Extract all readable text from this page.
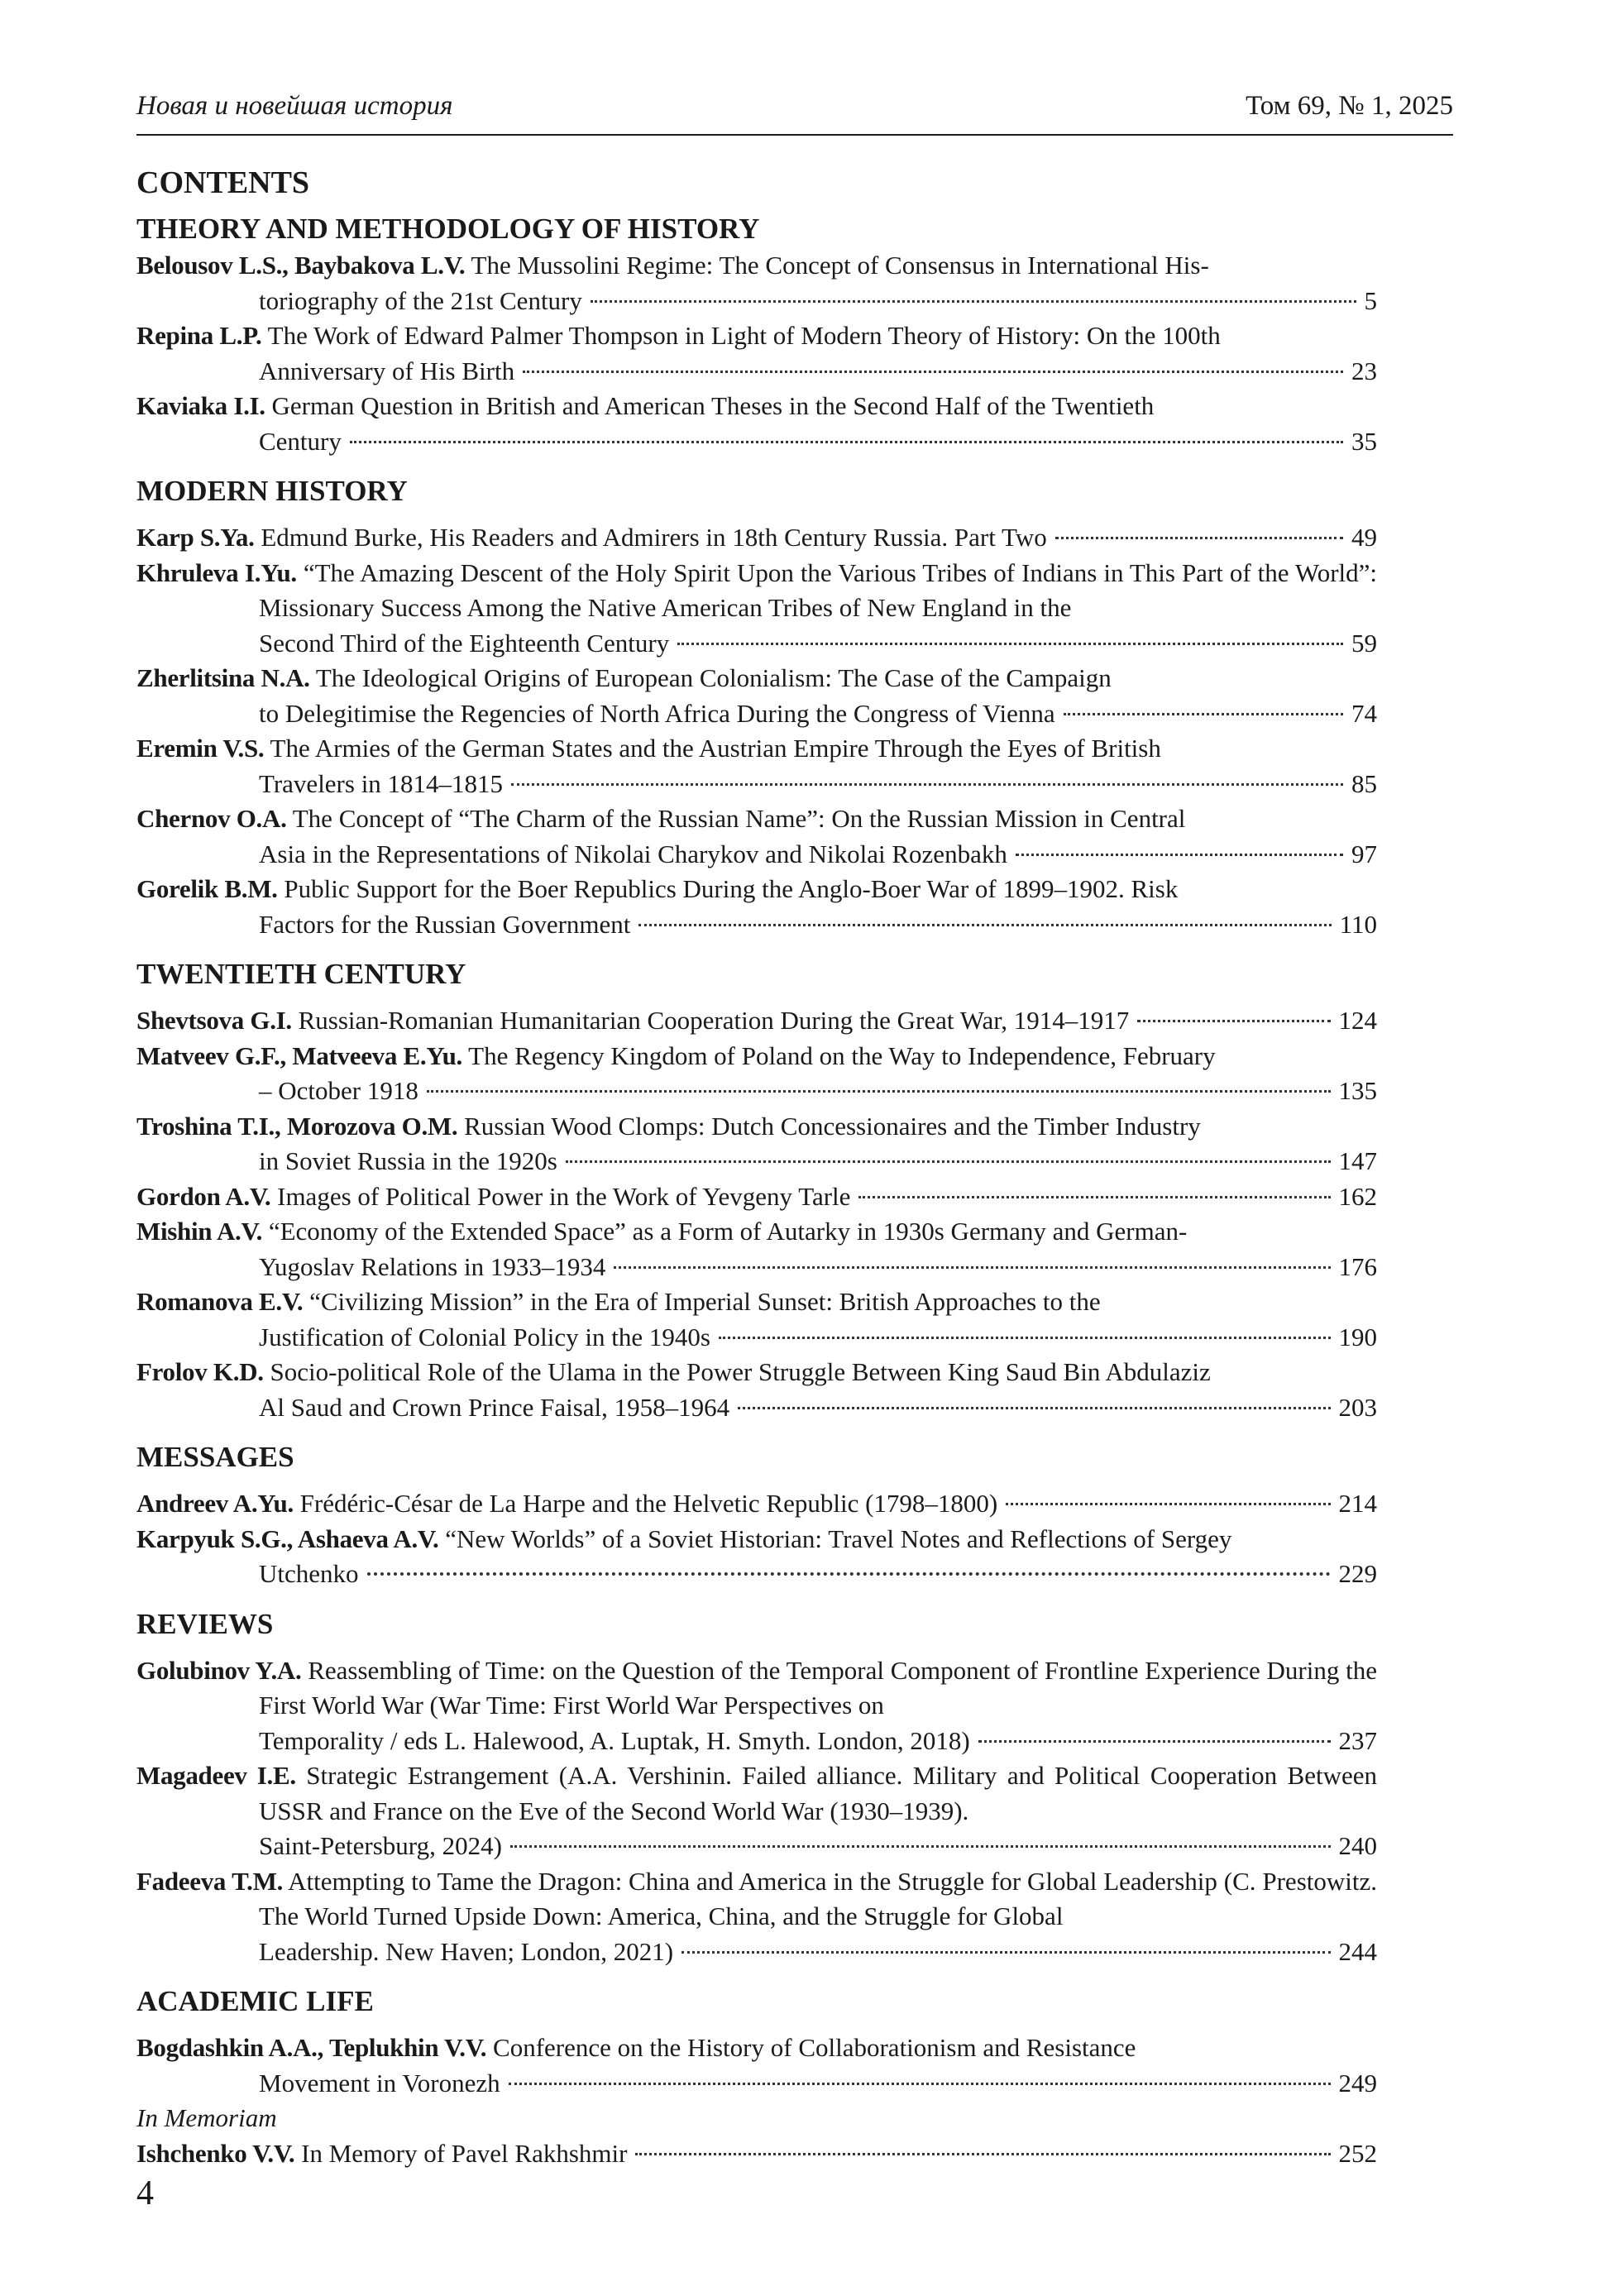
Новая и новейшая история	Том 69, № 1, 2025
CONTENTS
THEORY AND METHODOLOGY OF HISTORY
Belousov L.S., Baybakova L.V. The Mussolini Regime: The Concept of Consensus in International His-
toriography of the 21st Century	5
Repina L.P. The Work of Edward Palmer Thompson in Light of Modern Theory of History: On the 100th
Anniversary of His Birth	23
Kaviaka I.I. German Question in British and American Theses in the Second Half of the Twentieth
Century	35
MODERN HISTORY
Karp S.Ya. Edmund Burke, His Readers and Admirers in 18th Century Russia. Part Two	49
Khruleva I.Yu. “The Amazing Descent of the Holy Spirit Upon the Various Tribes of Indians in This Part of the World”: Missionary Success Among the Native American Tribes of New England in the
Second Third of the Eighteenth Century	59
Zherlitsina N.A. The Ideological Origins of European Colonialism: The Case of the Campaign
to Delegitimise the Regencies of North Africa During the Congress of Vienna	74
Eremin V.S. The Armies of the German States and the Austrian Empire Through the Eyes of British
Travelers in 1814–1815	85
Chernov O.A. The Concept of “The Charm of the Russian Name”: On the Russian Mission in Central
Asia in the Representations of Nikolai Charykov and Nikolai Rozenbakh	97
Gorelik B.M. Public Support for the Boer Republics During the Anglo-Boer War of 1899–1902. Risk
Factors for the Russian Government	110
TWENTIETH CENTURY
Shevtsova G.I. Russian-Romanian Humanitarian Cooperation During the Great War, 1914–1917	124
Matveev G.F., Matveeva E.Yu. The Regency Kingdom of Poland on the Way to Independence, February
– October 1918	135
Troshina T.I., Morozova O.M. Russian Wood Clomps: Dutch Concessionaires and the Timber Industry
in Soviet Russia in the 1920s	147
Gordon A.V. Images of Political Power in the Work of Yevgeny Tarle	162
Mishin A.V. “Economy of the Extended Space” as a Form of Autarky in 1930s Germany and German-
Yugoslav Relations in 1933–1934	176
Romanova E.V. “Civilizing Mission” in the Era of Imperial Sunset: British Approaches to the
Justification of Colonial Policy in the 1940s	190
Frolov K.D. Socio-political Role of the Ulama in the Power Struggle Between King Saud Bin Abdulaziz
Al Saud and Crown Prince Faisal, 1958–1964	203
MESSAGES
Andreev A.Yu. Frédéric-César de La Harpe and the Helvetic Republic (1798–1800)	214
Karpyuk S.G., Ashaeva A.V. “New Worlds” of a Soviet Historian: Travel Notes and Reflections of Sergey
Utchenko	229
REVIEWS
Golubinov Y.A. Reassembling of Time: on the Question of the Temporal Component of Frontline Experience During the First World War (War Time: First World War Perspectives on
Temporality / eds L. Halewood, A. Luptak, H. Smyth. London, 2018)	237
Magadeev I.E. Strategic Estrangement (A.A. Vershinin. Failed alliance. Military and Political Cooperation Between USSR and France on the Eve of the Second World War (1930–1939).
Saint-Petersburg, 2024)	240
Fadeeva T.M. Attempting to Tame the Dragon: China and America in the Struggle for Global Leadership (C. Prestowitz. The World Turned Upside Down: America, China, and the Struggle for Global
Leadership. New Haven; London, 2021)	244
ACADEMIC LIFE
Bogdashkin A.A., Teplukhin V.V. Conference on the History of Collaborationism and Resistance
Movement in Voronezh	249
In Memoriam
Ishchenko V.V. In Memory of Pavel Rakhshmir	252
4
